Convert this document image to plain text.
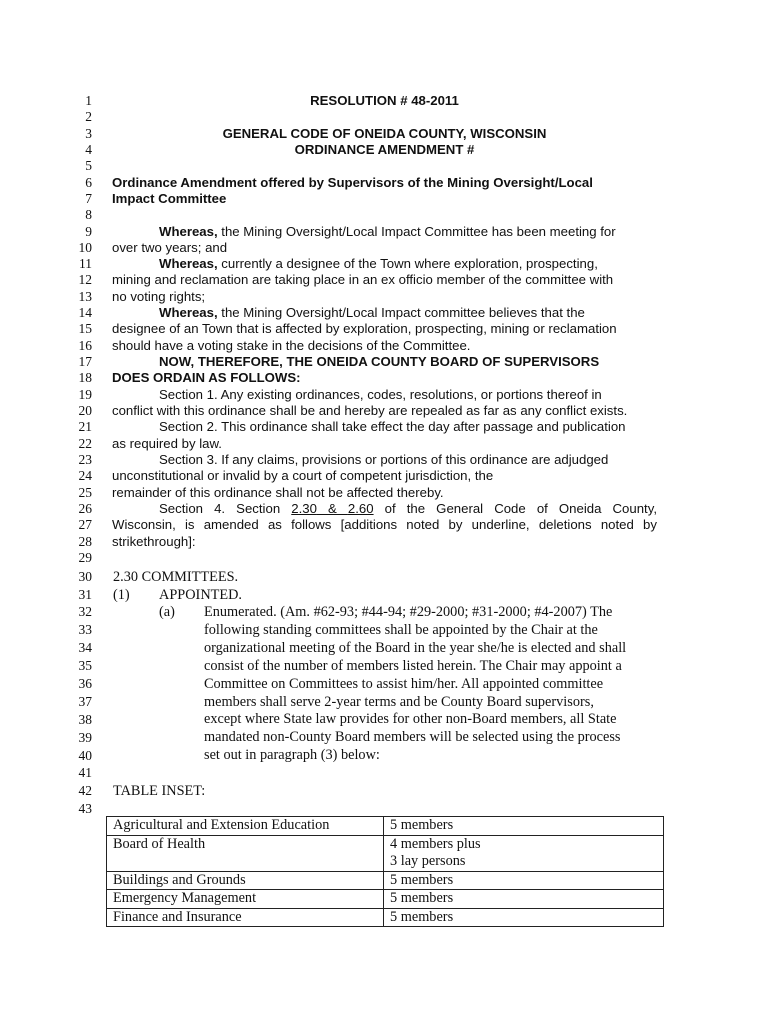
1
2
3
4
5
6
7
8
9
10
11
12
13
14
15
16
17
18
19
20
21
22
23
24
25
26
27
28
29
30
31
32
33
34
35
36
37
38
39
40
41
42
43
RESOLUTION # 48-2011
GENERAL CODE OF ONEIDA COUNTY, WISCONSIN
ORDINANCE AMENDMENT #
Ordinance Amendment offered by Supervisors of the Mining Oversight/Local
Impact Committee
Whereas, the Mining Oversight/Local Impact Committee has been meeting for
over two years; and
Whereas, currently a designee of the Town where exploration, prospecting,
mining and reclamation are taking place in an ex officio member of the committee with
no voting rights;
Whereas, the Mining Oversight/Local Impact committee believes that the
designee of an Town that is affected by exploration, prospecting, mining or reclamation
should have a voting stake in the decisions of the Committee.
NOW, THEREFORE, THE ONEIDA COUNTY BOARD OF SUPERVISORS
DOES ORDAIN AS FOLLOWS:
Section 1. Any existing ordinances, codes, resolutions, or portions thereof in
conflict with this ordinance shall be and hereby are repealed as far as any conflict exists.
Section 2. This ordinance shall take effect the day after passage and publication
as required by law.
Section 3. If any claims, provisions or portions of this ordinance are adjudged
unconstitutional or invalid by a court of competent jurisdiction, the
remainder of this ordinance shall not be affected thereby.
Section 4. Section 2.30 & 2.60 of the General Code of Oneida County,
Wisconsin, is amended as follows [additions noted by underline, deletions noted by
strikethrough]:
2.30 COMMITTEES.
(1) APPOINTED.
(a) Enumerated. (Am. #62-93; #44-94; #29-2000; #31-2000; #4-2007) The
following standing committees shall be appointed by the Chair at the
organizational meeting of the Board in the year she/he is elected and shall
consist of the number of members listed herein. The Chair may appoint a
Committee on Committees to assist him/her. All appointed committee
members shall serve 2-year terms and be County Board supervisors,
except where State law provides for other non-Board members, all State
mandated non-County Board members will be selected using the process
set out in paragraph (3) below:
TABLE INSET:
Agricultural and Extension Education	5 members

Board of Health	4 members plus
3 lay persons

Buildings and Grounds	5 members

Emergency Management	5 members

Finance and Insurance	5 members
